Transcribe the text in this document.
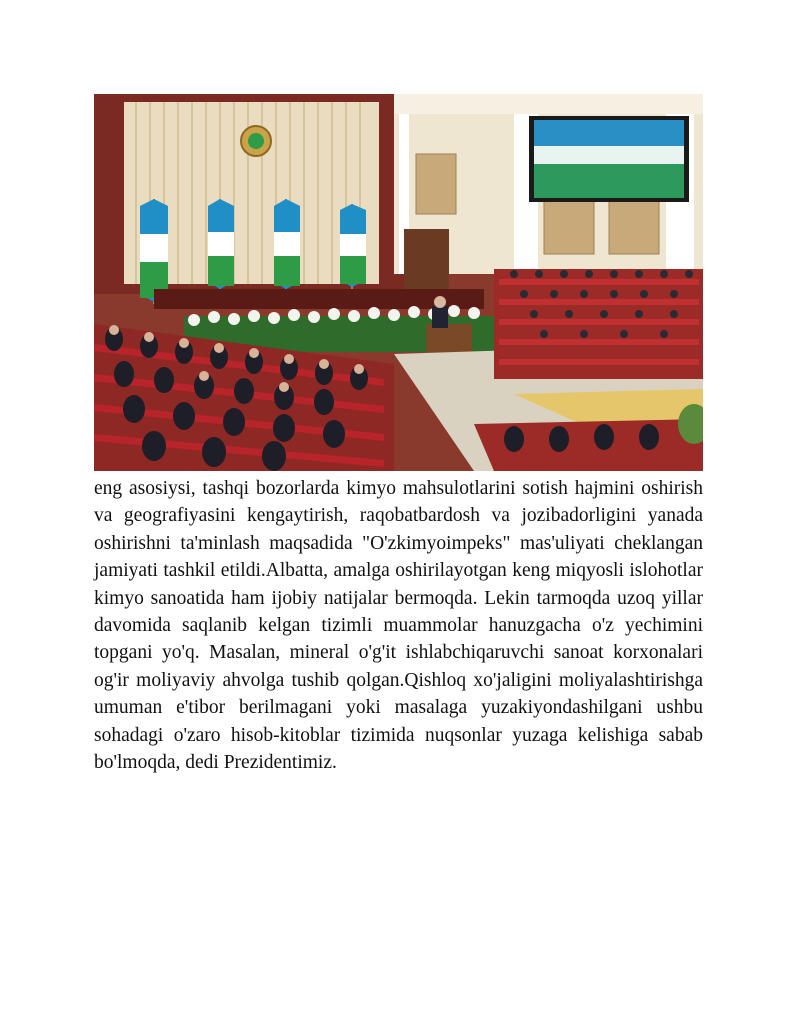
eng asosiysi, tashqi bozorlarda kimyo mahsulotlarini sotish hajmini oshirish va geografiyasini kengaytirish, raqobatbardosh va jozibadorligini yanada oshirishni ta'minlash maqsadida "O'zkimyoimpeks" mas'uliyati cheklangan jamiyati tashkil etildi.Albatta, amalga oshirilayotgan keng miqyosli islohotlar kimyo sanoatida ham ijobiy natijalar bermoqda. Lekin tarmoqda uzoq yillar davomida saqlanib kelgan tizimli muammolar hanuzgacha o'z yechimini topgani yo'q. Masalan, mineral o'g'it ishlabchiqaruvchi sanoat korxonalari og'ir moliyaviy ahvolga tushib qolgan.Qishloq xo'jaligini moliyalashtirishga umuman e'tibor berilmagani yoki masalaga yuzakiyondashilgani ushbu sohadagi o'zaro hisob-kitoblar tizimida nuqsonlar yuzaga kelishiga sabab bo'lmoqda, dedi Prezidentimiz.
